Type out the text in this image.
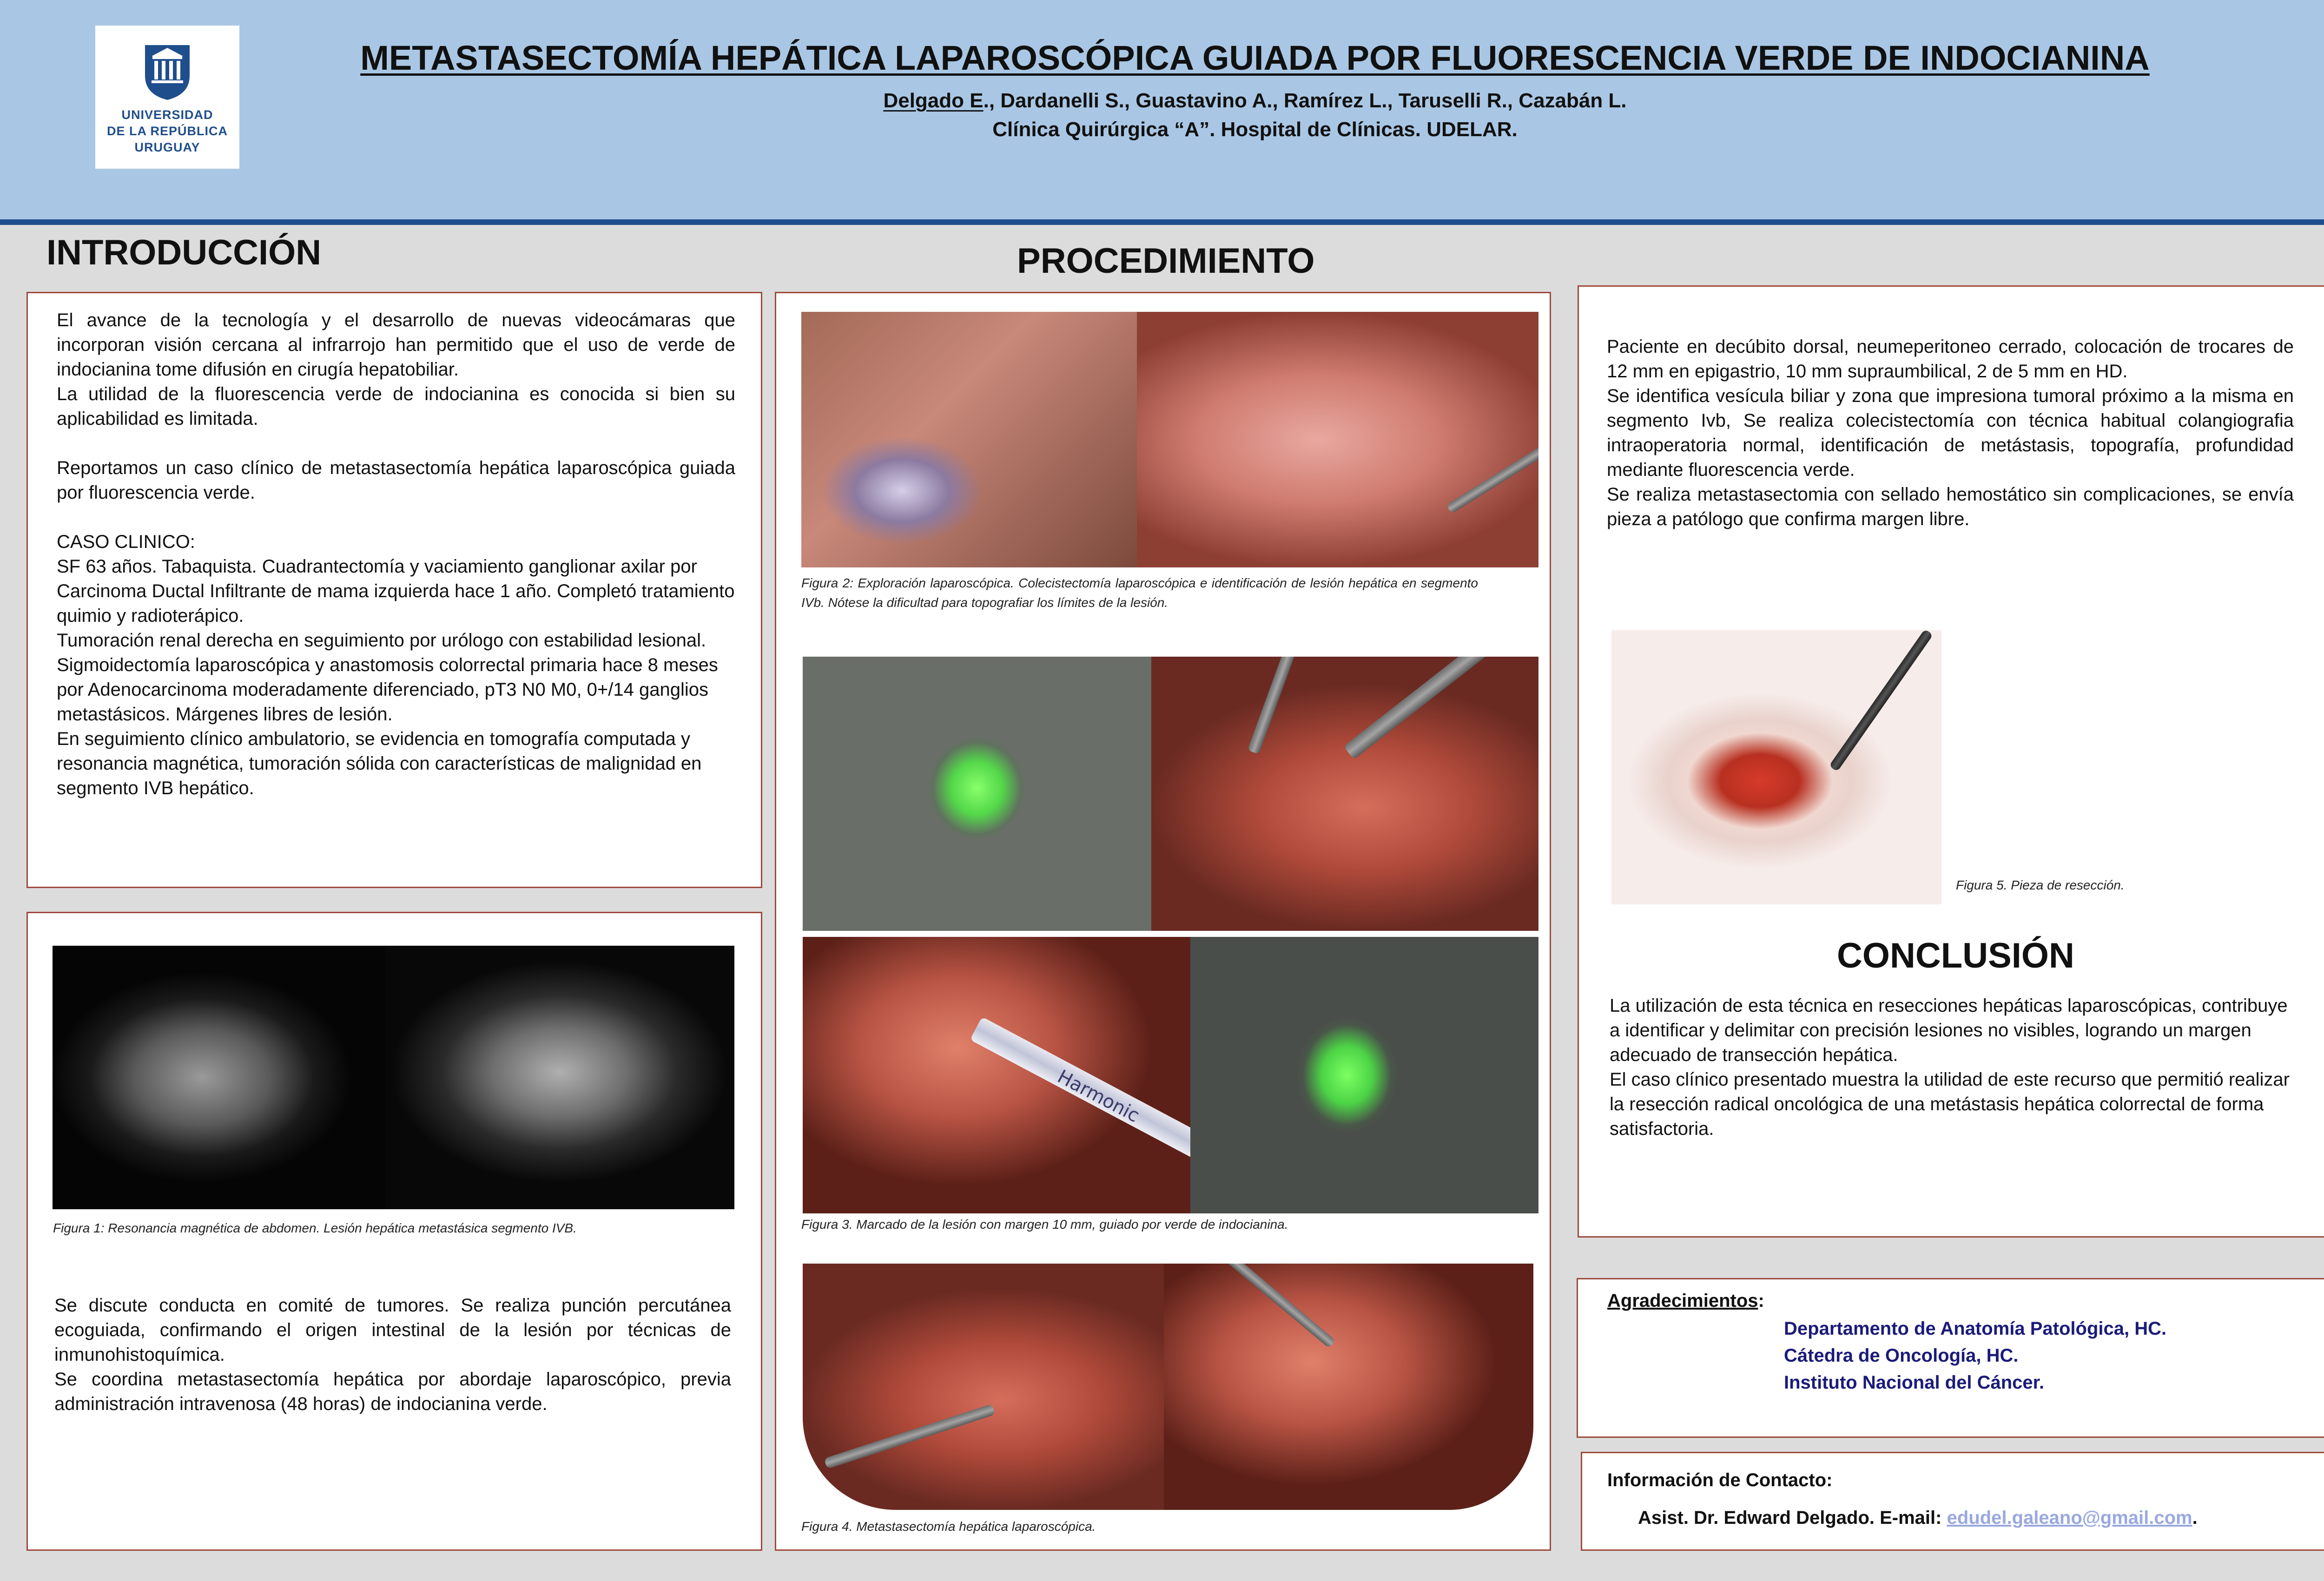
UNIVERSIDAD
DE LA REPÚBLICA
URUGUAY
METASTASECTOMÍA HEPÁTICA LAPAROSCÓPICA GUIADA POR FLUORESCENCIA VERDE DE INDOCIANINA
Delgado E., Dardanelli S., Guastavino A., Ramírez L., Taruselli R., Cazabán L.
Clínica Quirúrgica “A”. Hospital de Clínicas. UDELAR.
INTRODUCCIÓN	PROCEDIMIENTO

El avance de la tecnología y el desarrollo de nuevas videocámaras que incorporan visión cercana al infrarrojo han permitido que el uso de verde de indocianina tome difusión en cirugía hepatobiliar.

La utilidad de la fluorescencia verde de indocianina es conocida si bien su aplicabilidad es limitada.

Reportamos un caso clínico de metastasectomía hepática laparoscópica guiada por fluorescencia verde.

CASO CLINICO:

SF 63 años. Tabaquista. Cuadrantectomía y vaciamiento ganglionar axilar por Carcinoma Ductal Infiltrante de mama izquierda hace 1 año. Completó tratamiento quimio y radioterápico.

Tumoración renal derecha en seguimiento por urólogo con estabilidad lesional.

Sigmoidectomía laparoscópica y anastomosis colorrectal primaria hace 8 meses por Adenocarcinoma moderadamente diferenciado, pT3 N0 M0, 0+/14 ganglios metastásicos. Márgenes libres de lesión.

En seguimiento clínico ambulatorio, se evidencia en tomografía computada y resonancia magnética, tumoración sólida con características de malignidad en segmento IVB hepático.

Figura 1: Resonancia magnética de abdomen. Lesión hepática metastásica segmento IVB.

Se discute conducta en comité de tumores. Se realiza punción percutánea ecoguiada, confirmando el origen intestinal de la lesión por técnicas de inmunohistoquímica.

Se coordina metastasectomía hepática por abordaje laparoscópico, previa administración intravenosa (48 horas) de indocianina verde.

Figura 2: Exploración laparoscópica. Colecistectomía laparoscópica e identificación de lesión hepática en segmento IVb. Nótese la dificultad para topografiar los límites de la lesión.
Harmonic
Figura 3. Marcado de la lesión con margen 10 mm, guiado por verde de indocianina.
Figura 4. Metastasectomía hepática laparoscópica.

Paciente en decúbito dorsal, neumeperitoneo cerrado, colocación de trocares de 12 mm en epigastrio, 10 mm supraumbilical, 2 de 5 mm en HD.

Se identifica vesícula biliar y zona que impresiona tumoral próximo a la misma en segmento Ivb, Se realiza colecistectomía con técnica habitual colangiografia intraoperatoria normal, identificación de metástasis, topografía, profundidad mediante fluorescencia verde.

Se realiza metastasectomia con sellado hemostático sin complicaciones, se envía pieza a patólogo que confirma margen libre.

Figura 5. Pieza de resección.
CONCLUSIÓN

La utilización de esta técnica en resecciones hepáticas laparoscópicas, contribuye a identificar y delimitar con precisión lesiones no visibles, logrando un margen adecuado de transección hepática.

El caso clínico presentado muestra la utilidad de este recurso que permitió realizar la resección radical oncológica de una metástasis hepática colorrectal de forma satisfactoria.

Agradecimientos:
Departamento de Anatomía Patológica, HC.
Cátedra de Oncología, HC.
Instituto Nacional del Cáncer.
Información de Contacto:
Asist. Dr. Edward Delgado. E-mail: edudel.galeano@gmail.com.
